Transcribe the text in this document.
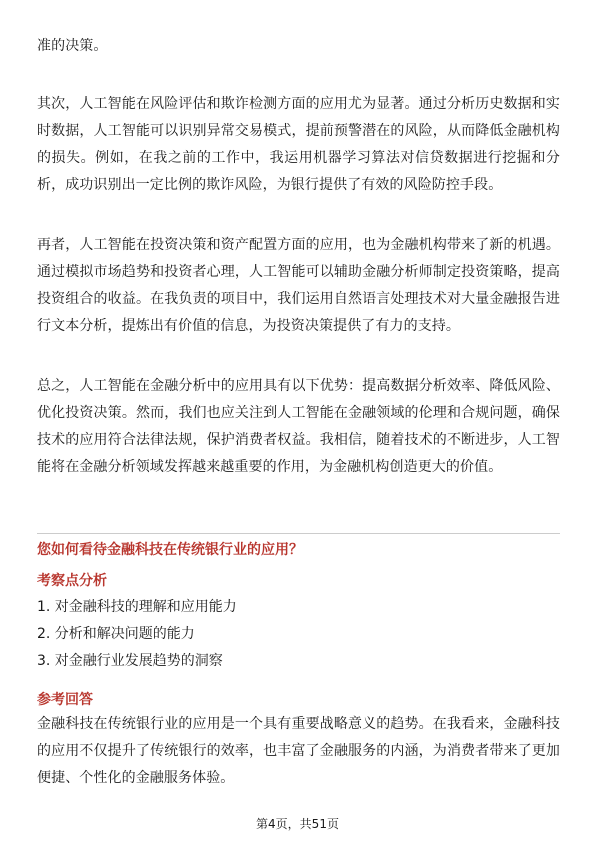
准的决策。

其次，人工智能在风险评估和欺诈检测方面的应用尤为显著。通过分析历史数据和实时数据，人工智能可以识别异常交易模式，提前预警潜在的风险，从而降低金融机构的损失。例如，在我之前的工作中，我运用机器学习算法对信贷数据进行挖掘和分析，成功识别出一定比例的欺诈风险，为银行提供了有效的风险防控手段。

再者，人工智能在投资决策和资产配置方面的应用，也为金融机构带来了新的机遇。通过模拟市场趋势和投资者心理，人工智能可以辅助金融分析师制定投资策略，提高投资组合的收益。在我负责的项目中，我们运用自然语言处理技术对大量金融报告进行文本分析，提炼出有价值的信息，为投资决策提供了有力的支持。

总之，人工智能在金融分析中的应用具有以下优势：提高数据分析效率、降低风险、优化投资决策。然而，我们也应关注到人工智能在金融领域的伦理和合规问题，确保技术的应用符合法律法规，保护消费者权益。我相信，随着技术的不断进步，人工智能将在金融分析领域发挥越来越重要的作用，为金融机构创造更大的价值。

您如何看待金融科技在传统银行业的应用？
考察点分析
1. 对金融科技的理解和应用能力
2. 分析和解决问题的能力
3. 对金融行业发展趋势的洞察
参考回答

金融科技在传统银行业的应用是一个具有重要战略意义的趋势。在我看来，金融科技的应用不仅提升了传统银行的效率，也丰富了金融服务的内涵，为消费者带来了更加便捷、个性化的金融服务体验。

第4页，共51页
